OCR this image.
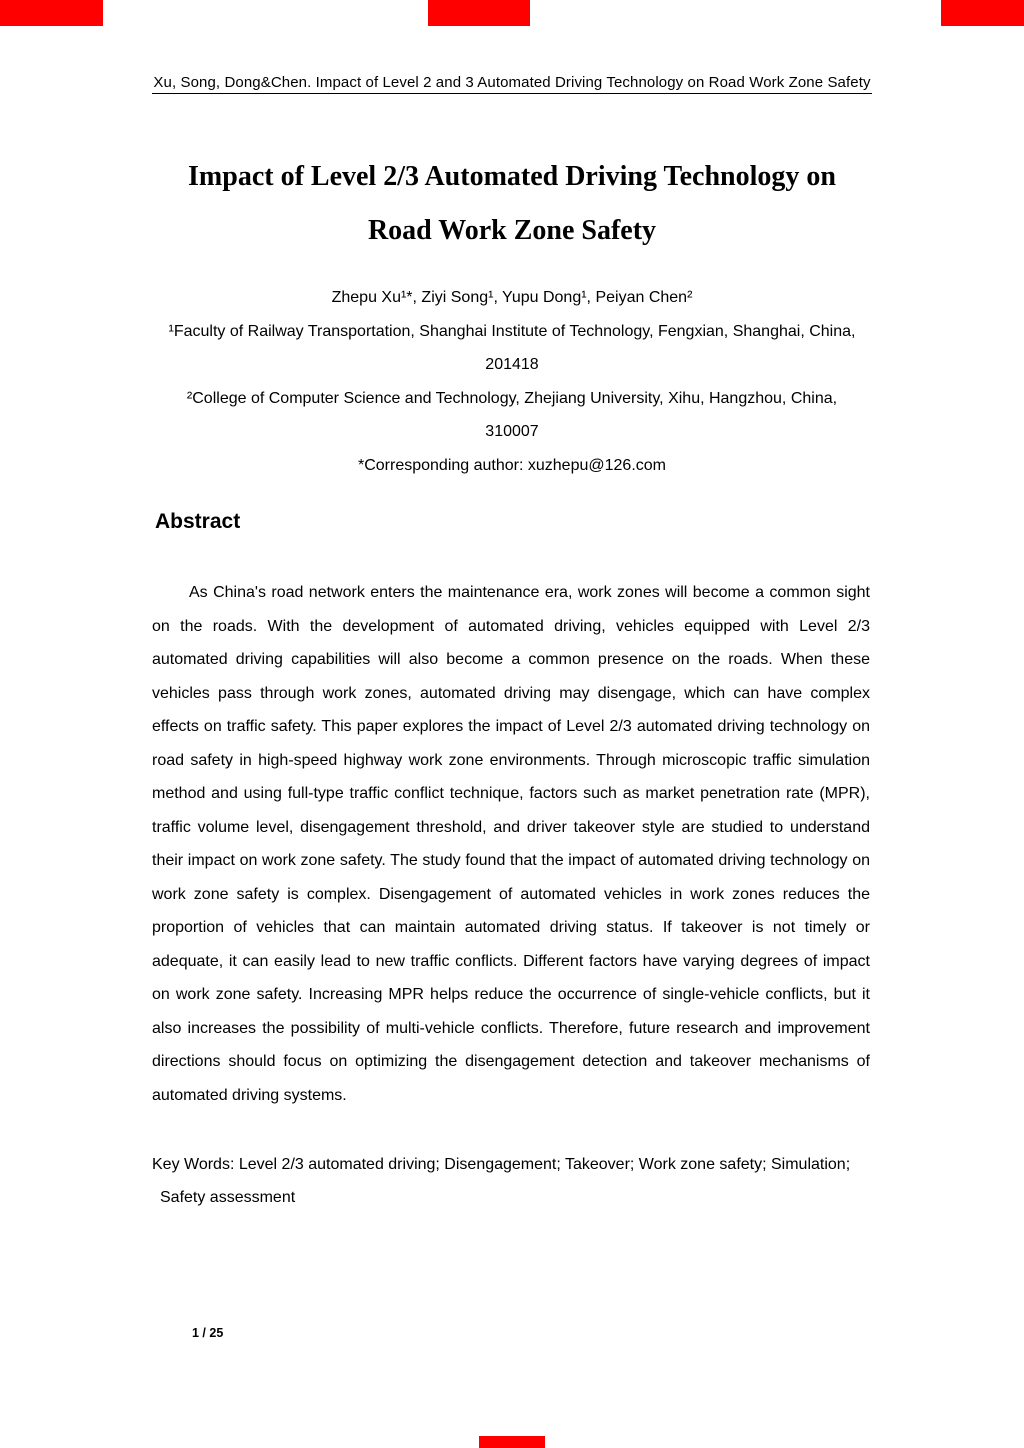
Xu, Song, Dong&Chen. Impact of Level 2 and 3 Automated Driving Technology on Road Work Zone Safety
Impact of Level 2/3 Automated Driving Technology on
Road Work Zone Safety
Zhepu Xu¹*, Ziyi Song¹, Yupu Dong¹, Peiyan Chen²
¹Faculty of Railway Transportation, Shanghai Institute of Technology, Fengxian, Shanghai, China,
201418
²College of Computer Science and Technology, Zhejiang University, Xihu, Hangzhou, China,
310007
*Corresponding author: xuzhepu@126.com
Abstract
As China's road network enters the maintenance era, work zones will become a common sight on the roads. With the development of automated driving, vehicles equipped with Level 2/3 automated driving capabilities will also become a common presence on the roads. When these vehicles pass through work zones, automated driving may disengage, which can have complex effects on traffic safety. This paper explores the impact of Level 2/3 automated driving technology on road safety in high-speed highway work zone environments. Through microscopic traffic simulation method and using full-type traffic conflict technique, factors such as market penetration rate (MPR), traffic volume level, disengagement threshold, and driver takeover style are studied to understand their impact on work zone safety. The study found that the impact of automated driving technology on work zone safety is complex. Disengagement of automated vehicles in work zones reduces the proportion of vehicles that can maintain automated driving status. If takeover is not timely or adequate, it can easily lead to new traffic conflicts. Different factors have varying degrees of impact on work zone safety. Increasing MPR helps reduce the occurrence of single-vehicle conflicts, but it also increases the possibility of multi-vehicle conflicts. Therefore, future research and improvement directions should focus on optimizing the disengagement detection and takeover mechanisms of automated driving systems.
Key Words: Level 2/3 automated driving; Disengagement; Takeover; Work zone safety; Simulation; Safety assessment
1 / 25
